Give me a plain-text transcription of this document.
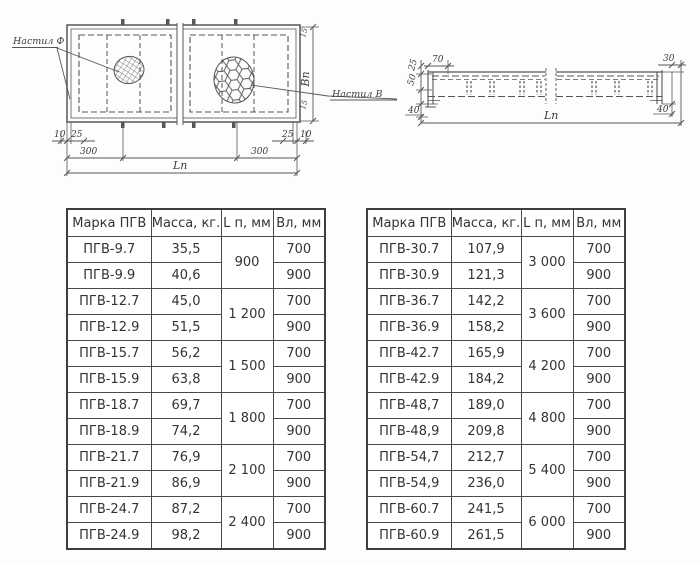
Настил Ф
Настил В
10 25
300	300
25 10
Lп
Вп
15
15
70
25
50
40
30
40
Lп
Марка ПГВ	Масса, кг.	L п, мм	Вл, мм
ПГВ-9.7	35,5	900	700
ПГВ-9.9	40,6		900
ПГВ-12.7	45,0	1 200	700
ПГВ-12.9	51,5		900
ПГВ-15.7	56,2	1 500	700
ПГВ-15.9	63,8		900
ПГВ-18.7	69,7	1 800	700
ПГВ-18.9	74,2		900
ПГВ-21.7	76,9	2 100	700
ПГВ-21.9	86,9		900
ПГВ-24.7	87,2	2 400	700
ПГВ-24.9	98,2		900
Марка ПГВ	Масса, кг.	L п, мм	Вл, мм
ПГВ-30.7	107,9	3 000	700
ПГВ-30.9	121,3		900
ПГВ-36.7	142,2	3 600	700
ПГВ-36.9	158,2		900
ПГВ-42.7	165,9	4 200	700
ПГВ-42.9	184,2		900
ПГВ-48,7	189,0	4 800	700
ПГВ-48,9	209,8		900
ПГВ-54,7	212,7	5 400	700
ПГВ-54,9	236,0		900
ПГВ-60.7	241,5	6 000	700
ПГВ-60.9	261,5		900
